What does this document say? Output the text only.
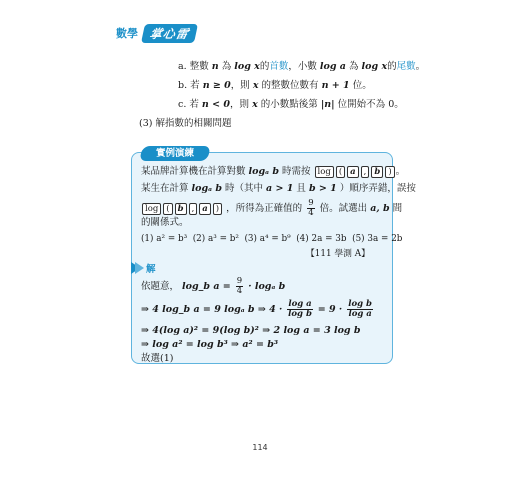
數學 掌心雷
a. 整數 n 為 log x的首數，小數 log a 為 log x的尾數。
b. 若 n ≥ 0，則 x 的整數位數有 n + 1 位。
c. 若 n < 0，則 x 的小數點後第 |n| 位開始不為 0。
(3) 解指數的相關問題
實例演練
某品牌計算機在計算對數 logₐ b 時需按 log ( a , b ) 。
某生在計算 logₐ b 時（其中 a > 1 且 b > 1 ）順序弄錯，誤按
log ( b , a ) ，所得為正確值的 $\frac{9}{4}$ 倍。試選出 a, b 間
的關係式。
(1) a² = b³ (2) a³ = b² (3) a⁴ = b⁹ (4) 2a = 3b (5) 3a = 2b
【111 學測 A】
解
依題意， log_b $a = \frac{9}{4} \cdot \log_a$ b
⇒ 4 log_b a = 9 logₐ b ⇒ $4 \cdot \frac{\text{log a}}{\text{log b}} = 9 \cdot \frac{\text{log b}}{\text{log a}}$
⇒ 4(log a)² = 9(log b)² ⇒ 2 log a = 3 log b
⇒ log a² = log b³ ⇒ a² = b³
故選(1)
114
